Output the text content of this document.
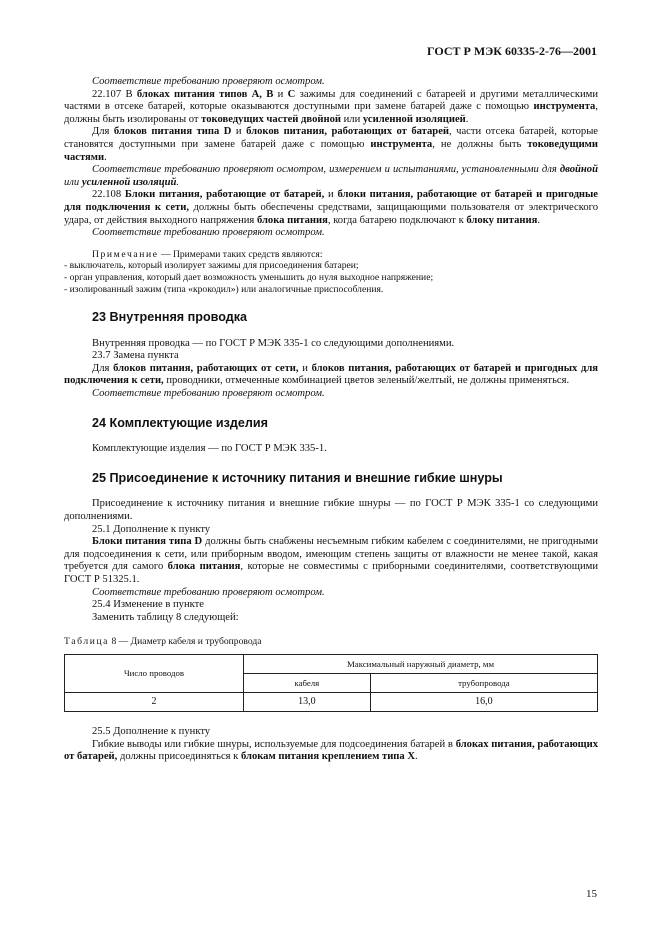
ГОСТ Р МЭК 60335-2-76—2001

Соответствие требованию проверяют осмотром.

22.107 В блоках питания типов А, В и С зажимы для соединений с батареей и другими металлическими частями в отсеке батарей, которые оказываются доступными при замене батарей даже с помощью инструмента, должны быть изолированы от токоведущих частей двойной или усиленной изоляцией.

Для блоков питания типа D и блоков питания, работающих от батарей, части отсека батарей, которые становятся доступными при замене батарей даже с помощью инструмента, не должны быть токоведущими частями.

Соответствие требованию проверяют осмотром, измерением и испытаниями, установленными для двойной или усиленной изоляций.

22.108 Блоки питания, работающие от батарей, и блоки питания, работающие от батарей и пригодные для подключения к сети, должны быть обеспечены средствами, защищающими пользователя от электрического удара, от действия выходного напряжения блока питания, когда батарею подключают к блоку питания.

Соответствие требованию проверяют осмотром.

Примечание — Примерами таких средств являются:

- выключатель, который изолирует зажимы для присоединения батареи;

- орган управления, который дает возможность уменьшить до нуля выходное напряжение;

- изолированный зажим (типа «крокодил») или аналогичные приспособления.

23 Внутренняя проводка

Внутренняя проводка — по ГОСТ Р МЭК 335-1 со следующими дополнениями.

23.7 Замена пункта

Для блоков питания, работающих от сети, и блоков питания, работающих от батарей и пригодных для подключения к сети, проводники, отмеченные комбинацией цветов зеленый/желтый, не должны применяться.

Соответствие требованию проверяют осмотром.

24 Комплектующие изделия

Комплектующие изделия — по ГОСТ Р МЭК 335-1.

25 Присоединение к источнику питания и внешние гибкие шнуры

Присоединение к источнику питания и внешние гибкие шнуры — по ГОСТ Р МЭК 335-1 со следующими дополнениями.

25.1 Дополнение к пункту

Блоки питания типа D должны быть снабжены несъемным гибким кабелем с соединителями, не пригодными для подсоединения к сети, или приборным вводом, имеющим степень защиты от влажности не менее такой, какая требуется для самого блока питания, которые не совместимы с приборными соединителями, соответствующими ГОСТ Р 51325.1.

Соответствие требованию проверяют осмотром.

25.4 Изменение в пункте

Заменить таблицу 8 следующей:

Таблица 8 — Диаметр кабеля и трубопровода

Число проводов	Максимальный наружный диаметр, мм	
	кабеля	трубопровода
2	13,0	16,0

25.5 Дополнение к пункту

Гибкие выводы или гибкие шнуры, используемые для подсоединения батарей в блоках питания, работающих от батарей, должны присоединяться к блокам питания креплением типа X.

15
